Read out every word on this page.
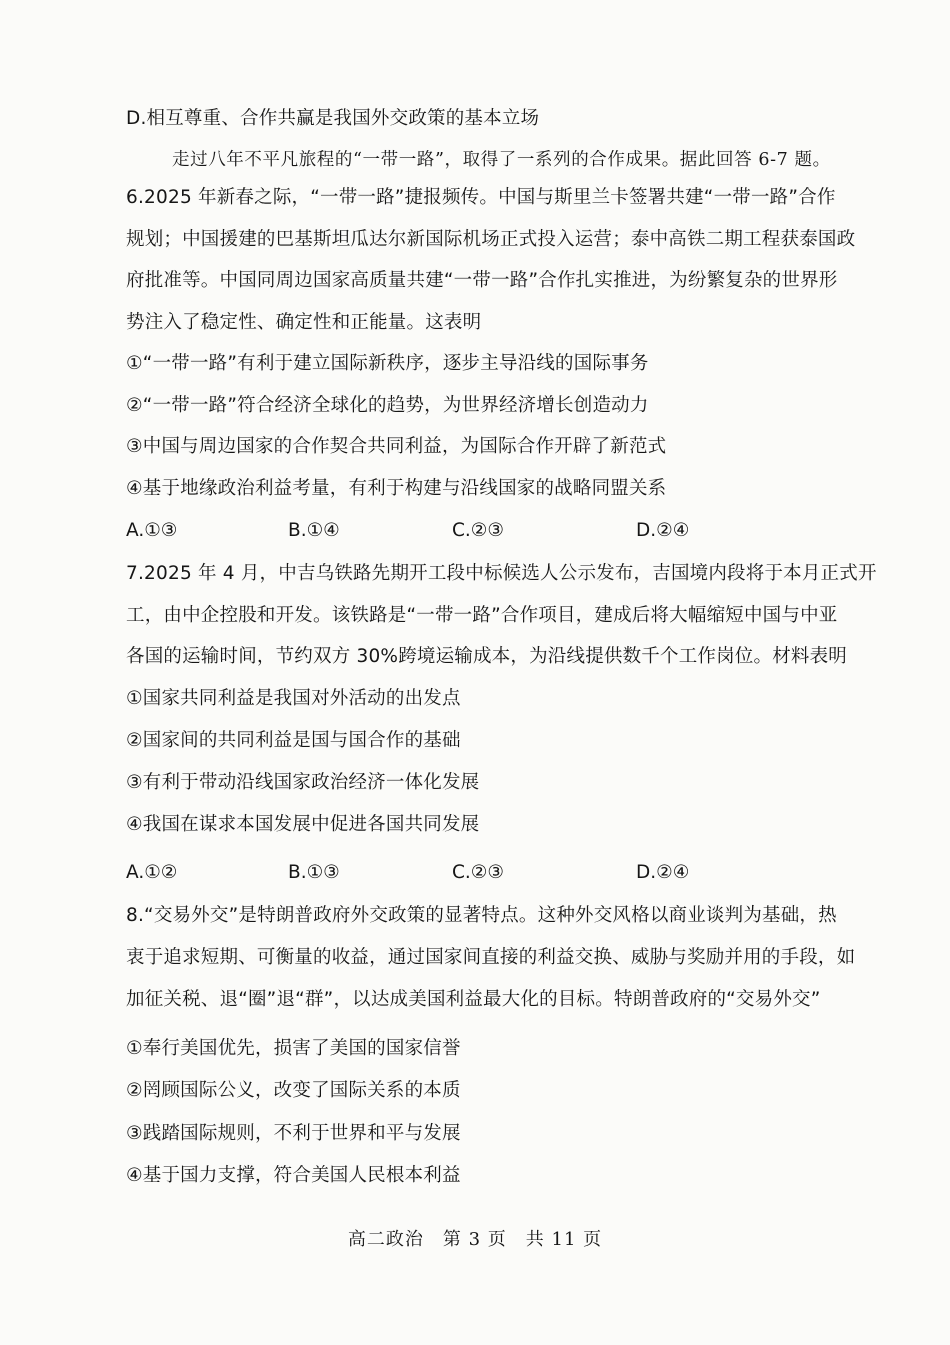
D.相互尊重、合作共赢是我国外交政策的基本立场
走过八年不平凡旅程的“一带一路”，取得了一系列的合作成果。据此回答 6-7 题。
6.2025 年新春之际，“一带一路”捷报频传。中国与斯里兰卡签署共建“一带一路”合作
规划；中国援建的巴基斯坦瓜达尔新国际机场正式投入运营；泰中高铁二期工程获泰国政
府批准等。中国同周边国家高质量共建“一带一路”合作扎实推进，为纷繁复杂的世界形
势注入了稳定性、确定性和正能量。这表明
①“一带一路”有利于建立国际新秩序，逐步主导沿线的国际事务
②“一带一路”符合经济全球化的趋势，为世界经济增长创造动力
③中国与周边国家的合作契合共同利益，为国际合作开辟了新范式
④基于地缘政治利益考量，有利于构建与沿线国家的战略同盟关系
A.①③	B.①④	C.②③	D.②④
7.2025 年 4 月，中吉乌铁路先期开工段中标候选人公示发布，吉国境内段将于本月正式开
工，由中企控股和开发。该铁路是“一带一路”合作项目，建成后将大幅缩短中国与中亚
各国的运输时间，节约双方 30%跨境运输成本，为沿线提供数千个工作岗位。材料表明
①国家共同利益是我国对外活动的出发点
②国家间的共同利益是国与国合作的基础
③有利于带动沿线国家政治经济一体化发展
④我国在谋求本国发展中促进各国共同发展
A.①②	B.①③	C.②③	D.②④
8.“交易外交”是特朗普政府外交政策的显著特点。这种外交风格以商业谈判为基础，热
衷于追求短期、可衡量的收益，通过国家间直接的利益交换、威胁与奖励并用的手段，如
加征关税、退“圈”退“群”，以达成美国利益最大化的目标。特朗普政府的“交易外交”
①奉行美国优先，损害了美国的国家信誉
②罔顾国际公义，改变了国际关系的本质
③践踏国际规则，不利于世界和平与发展
④基于国力支撑，符合美国人民根本利益
高二政治　第 3 页　共 11 页
